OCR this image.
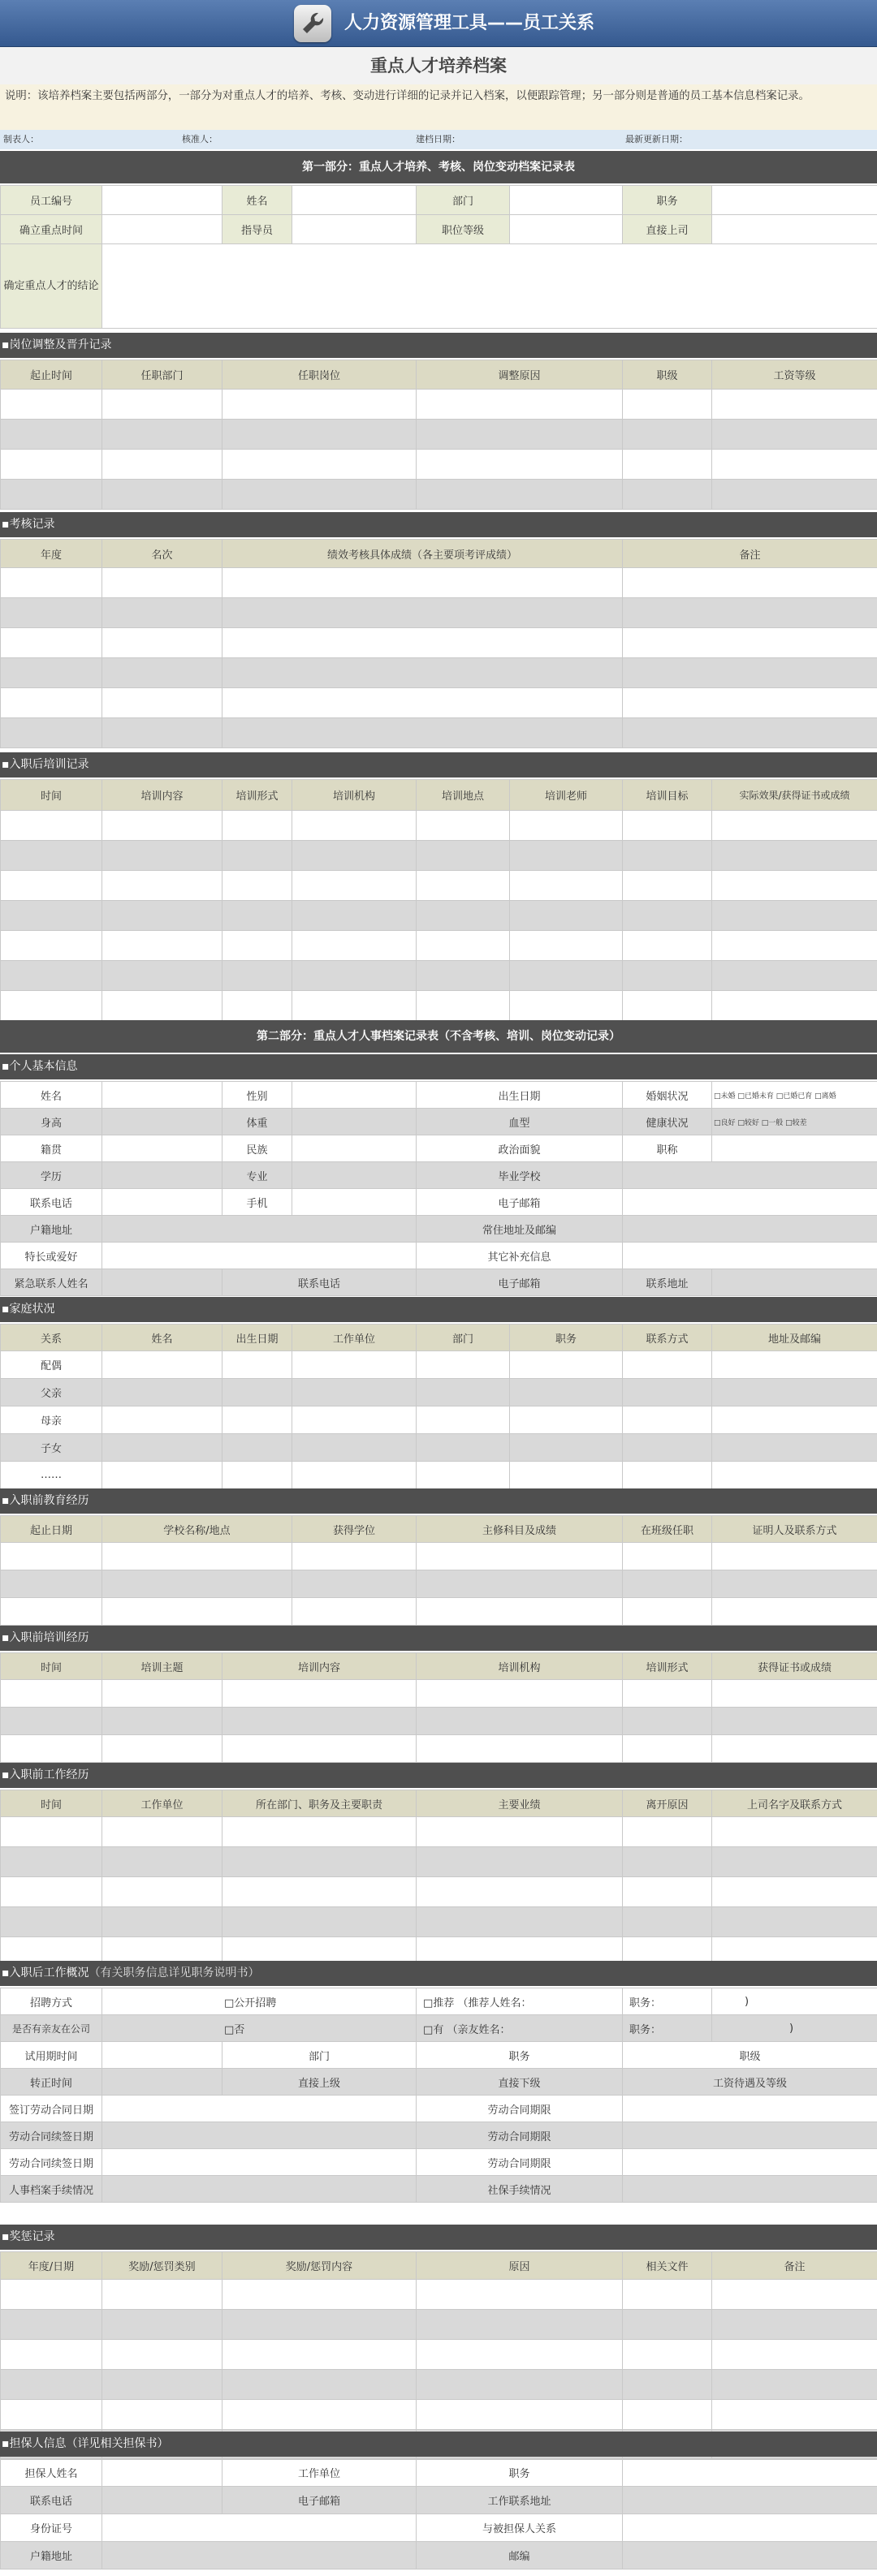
人力资源管理工具——员工关系
重点人才培养档案
说明：该培养档案主要包括两部分，一部分为对重点人才的培养、考核、变动进行详细的记录并记入档案，以便跟踪管理；另一部分则是普通的员工基本信息档案记录。
制表人：	核准人：	建档日期：	最新更新日期：
第一部分：重点人才培养、考核、岗位变动档案记录表
员工编号		姓名		部门		职务	
确立重点时间		指导员		职位等级		直接上司	
确定重点人才的结论							
▪岗位调整及晋升记录
起止时间	任职部门	任职岗位	调整原因	职级	工资等级

▪考核记录
年度	名次	绩效考核具体成绩（各主要项考评成绩）	备注

▪入职后培训记录
时间	培训内容	培训形式	培训机构	培训地点	培训老师	培训目标	实际效果/获得证书或成绩

第二部分：重点人才人事档案记录表（不含考核、培训、岗位变动记录）
▪个人基本信息
姓名		性别		出生日期	婚姻状况	□未婚 □已婚未育 □已婚已育 □离婚
身高		体重		血型	健康状况	□良好 □较好 □一般 □较差
籍贯		民族		政治面貌	职称	
学历		专业		毕业学校		
联系电话		手机		电子邮箱		
户籍地址				常住地址及邮编		
特长或爱好				其它补充信息		
紧急联系人姓名		联系电话		电子邮箱	联系地址	
▪家庭状况
关系	姓名	出生日期	工作单位	部门	职务	联系方式	地址及邮编
配偶							
父亲							
母亲							
子女							
……							
▪入职前教育经历
起止日期	学校名称/地点	获得学位	主修科目及成绩	在班级任职	证明人及联系方式

▪入职前培训经历
时间	培训主题	培训内容	培训机构	培训形式	获得证书或成绩

▪入职前工作经历
时间	工作单位	所在部门、职务及主要职责	主要业绩	离开原因	上司名字及联系方式

▪入职后工作概况（有关职务信息详见职务说明书）
招聘方式	□公开招聘		□推荐 （推荐人姓名：	职务：	)
是否有亲友在公司	□否		□有 （亲友姓名：	职务：	)
试用期时间		部门	职务	职级	
转正时间		直接上级	直接下级	工资待遇及等级	
签订劳动合同日期			劳动合同期限		
劳动合同续签日期			劳动合同期限		
劳动合同续签日期			劳动合同期限		
人事档案手续情况			社保手续情况		
▪奖惩记录
年度/日期	奖励/惩罚类别	奖励/惩罚内容	原因	相关文件	备注

▪担保人信息（详见相关担保书）
担保人姓名		工作单位	职务	
联系电话		电子邮箱	工作联系地址	
身份证号			与被担保人关系	
户籍地址			邮编	
